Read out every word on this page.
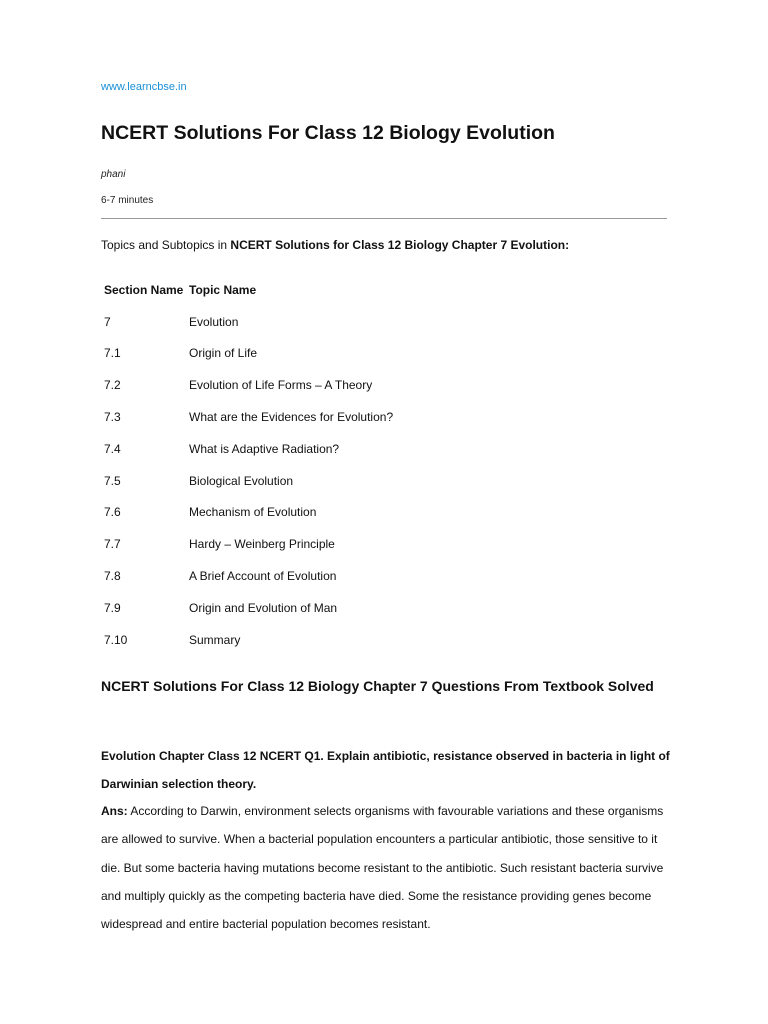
www.learncbse.in
NCERT Solutions For Class 12 Biology Evolution
phani
6-7 minutes
Topics and Subtopics in NCERT Solutions for Class 12 Biology Chapter 7 Evolution:
Section Name	Topic Name
7	Evolution
7.1	Origin of Life
7.2	Evolution of Life Forms – A Theory
7.3	What are the Evidences for Evolution?
7.4	What is Adaptive Radiation?
7.5	Biological Evolution
7.6	Mechanism of Evolution
7.7	Hardy – Weinberg Principle
7.8	A Brief Account of Evolution
7.9	Origin and Evolution of Man
7.10	Summary
NCERT Solutions For Class 12 Biology Chapter 7 Questions From Textbook Solved

Evolution Chapter Class 12 NCERT Q1. Explain antibiotic, resistance observed in bacteria in light of Darwinian selection theory.

Ans: According to Darwin, environment selects organisms with favourable variations and these organisms are allowed to survive. When a bacterial population encounters a particular antibiotic, those sensitive to it die. But some bacteria having mutations become resistant to the antibiotic. Such resistant bacteria survive and multiply quickly as the competing bacteria have died. Some the resistance providing genes become widespread and entire bacterial population becomes resistant.
